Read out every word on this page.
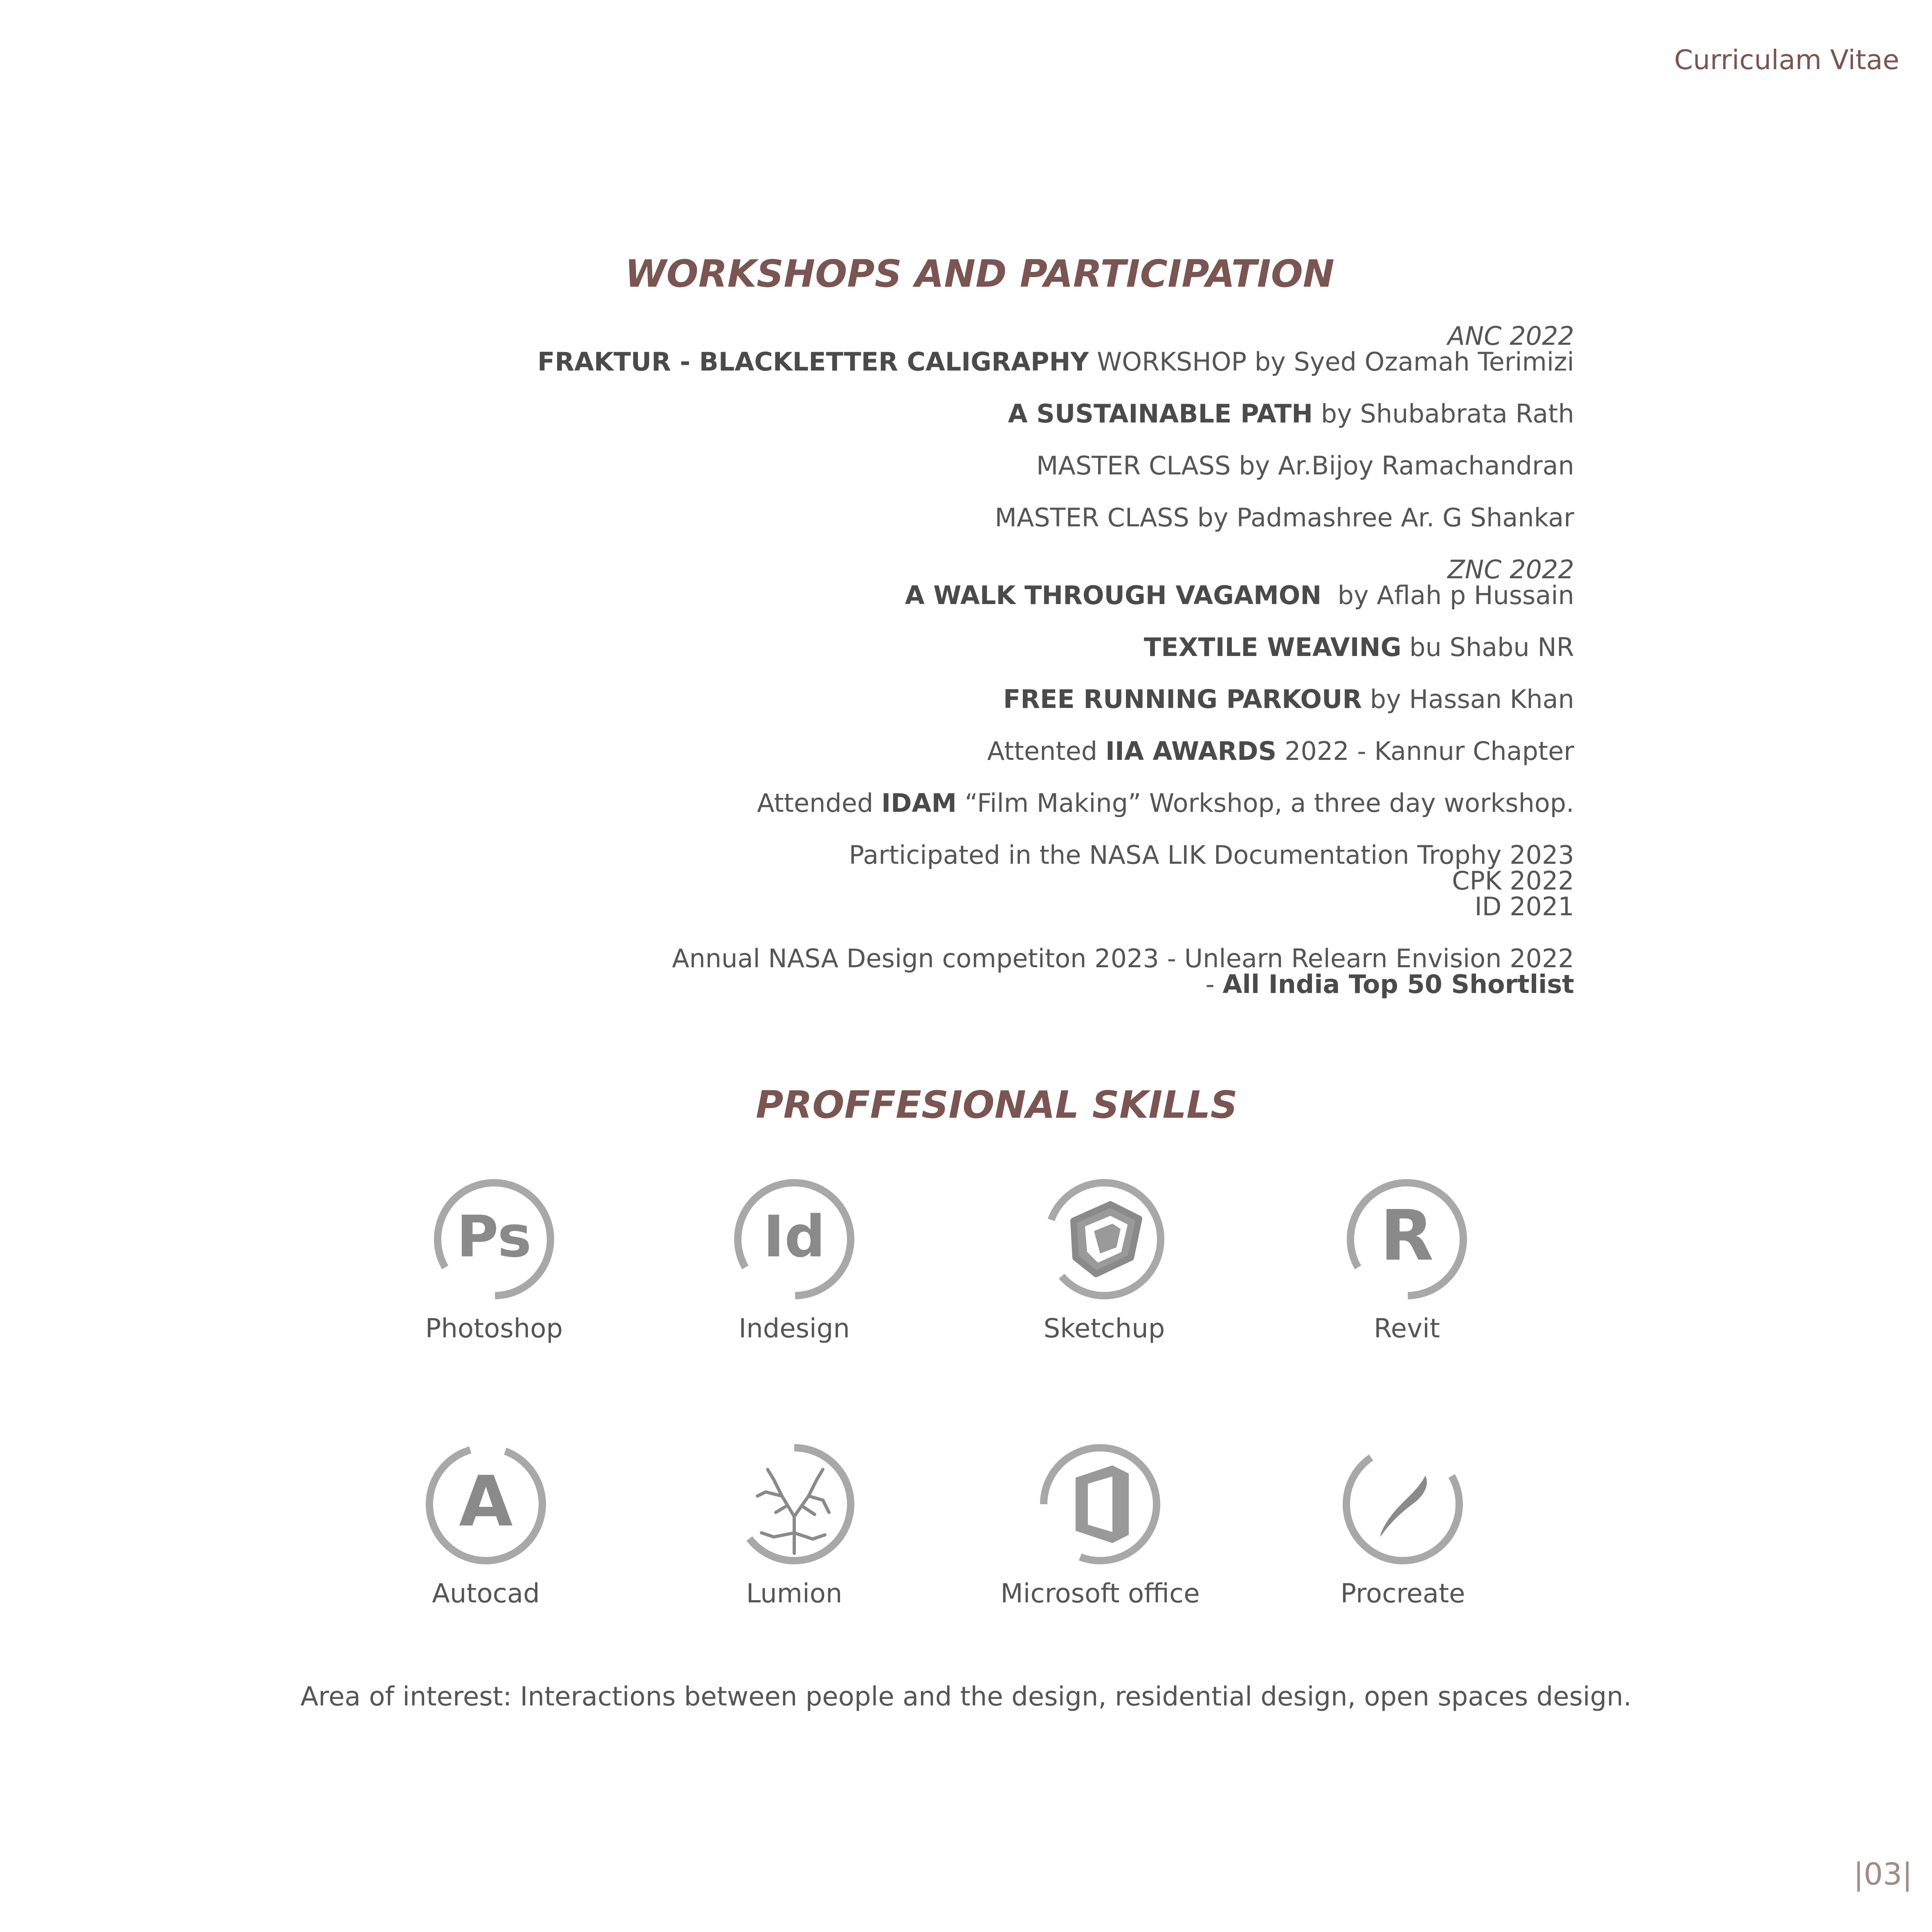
Curriculam Vitae
WORKSHOPS AND PARTICIPATION
ANC 2022
FRAKTUR - BLACKLETTER CALIGRAPHY WORKSHOP by Syed Ozamah Terimizi
A SUSTAINABLE PATH by Shubabrata Rath
MASTER CLASS by Ar.Bijoy Ramachandran
MASTER CLASS by Padmashree Ar. G Shankar
ZNC 2022
A WALK THROUGH VAGAMON  by Aflah p Hussain
TEXTILE WEAVING bu Shabu NR
FREE RUNNING PARKOUR by Hassan Khan
Attented IIA AWARDS 2022 - Kannur Chapter
Attended IDAM “Film Making” Workshop, a three day workshop.
Participated in the NASA LIK Documentation Trophy 2023
CPK 2022
ID 2021
Annual NASA Design competiton 2023 - Unlearn Relearn Envision 2022
- All India Top 50 Shortlist
PROFFESIONAL SKILLS
Ps
Photoshop
Id
Indesign	Sketchup
R
Revit
A
Autocad	Lumion	Microsoft office	Procreate
Area of interest: Interactions between people and the design, residential design, open spaces design.
|03|
